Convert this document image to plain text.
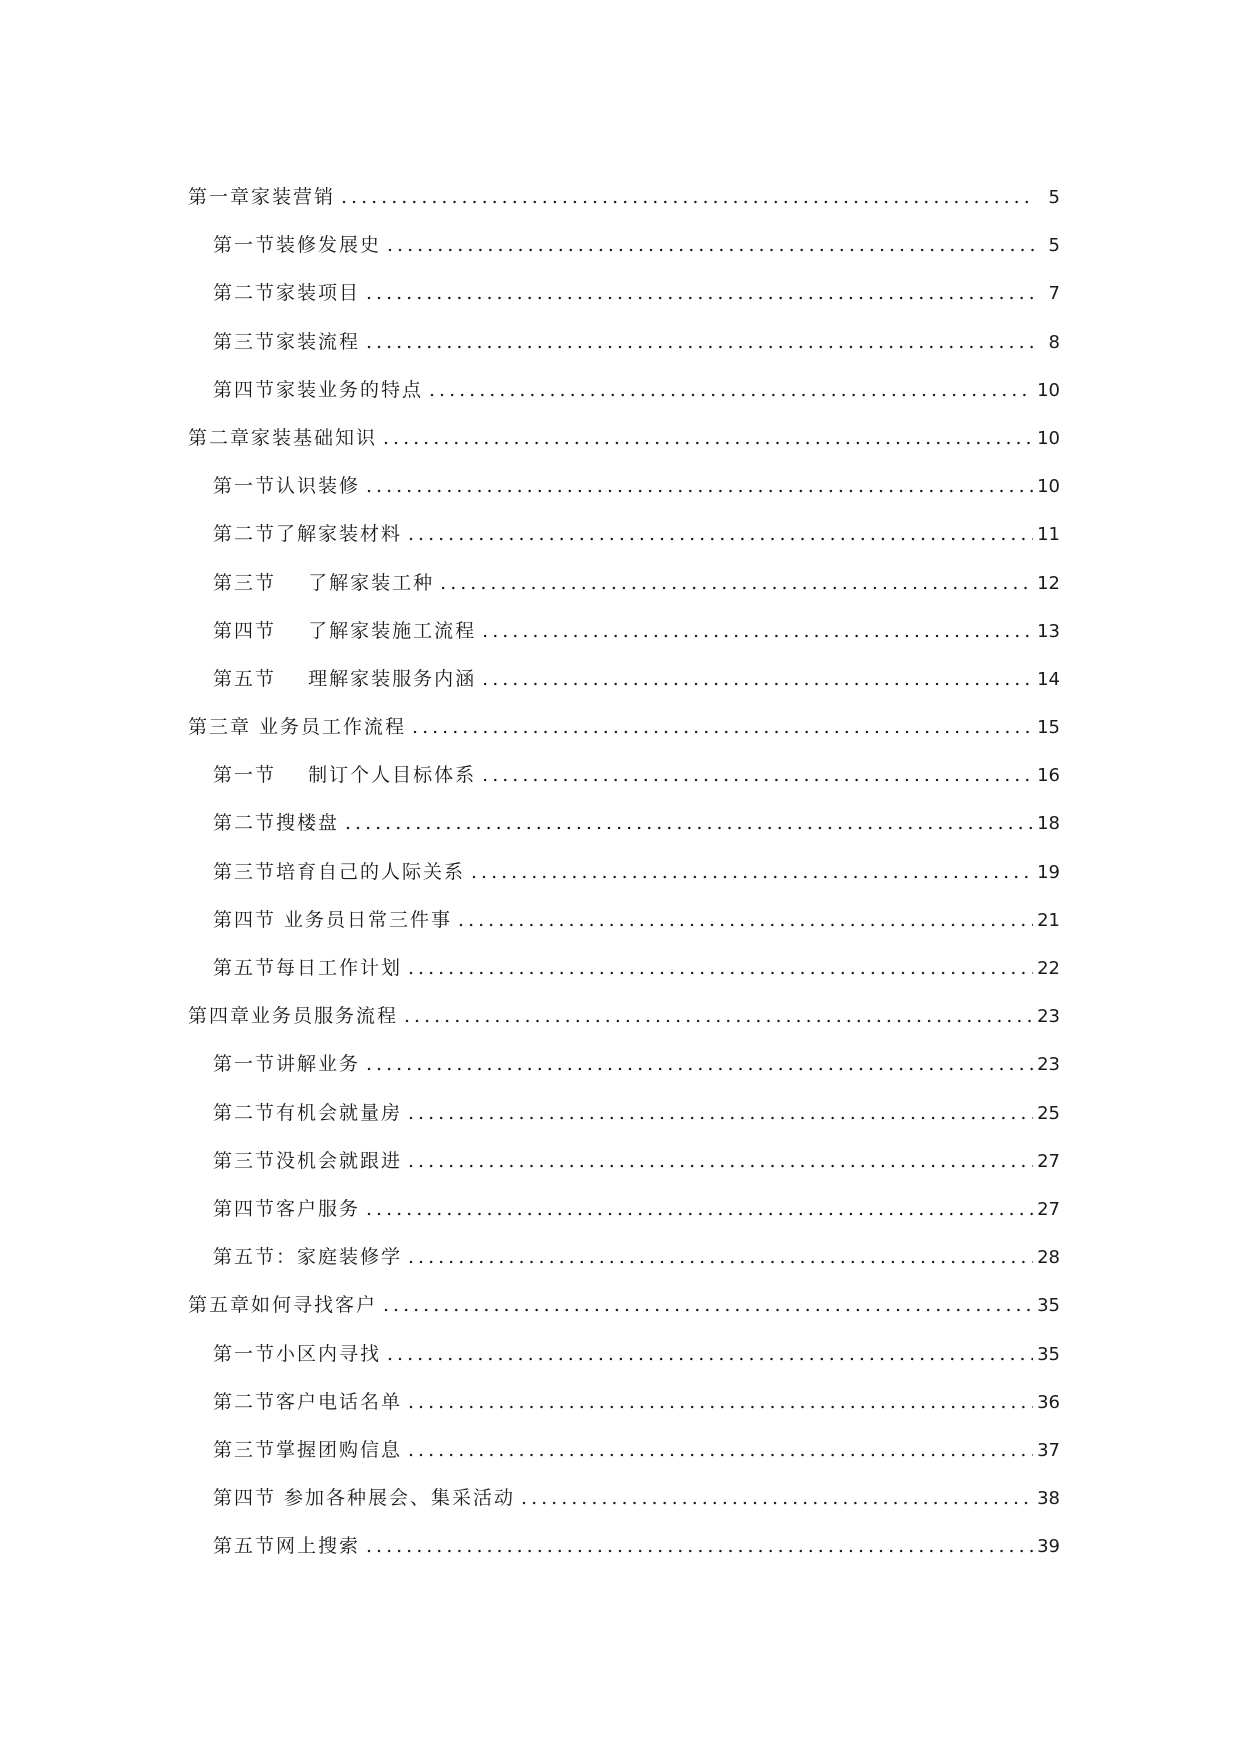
第一章家装营销 .....	5
第一节装修发展史 .....	5
第二节家装项目 .....	7
第三节家装流程 .....	8
第四节家装业务的特点 .....	10
第二章家装基础知识 .....	10
第一节认识装修 .....	10
第二节了解家装材料 .....	11
第三节    了解家装工种 .....	12
第四节    了解家装施工流程 .....	13
第五节    理解家装服务内涵 .....	14
第三章 业务员工作流程 .....	15
第一节    制订个人目标体系 .....	16
第二节搜楼盘 .....	18
第三节培育自己的人际关系 .....	19
第四节 业务员日常三件事 .....	21
第五节每日工作计划 .....	22
第四章业务员服务流程 .....	23
第一节讲解业务 .....	23
第二节有机会就量房 .....	25
第三节没机会就跟进 .....	27
第四节客户服务 .....	27
第五节：家庭装修学 .....	28
第五章如何寻找客户 .....	35
第一节小区内寻找 .....	35
第二节客户电话名单 .....	36
第三节掌握团购信息 .....	37
第四节 参加各种展会、集采活动 .....	38
第五节网上搜索 .....	39
